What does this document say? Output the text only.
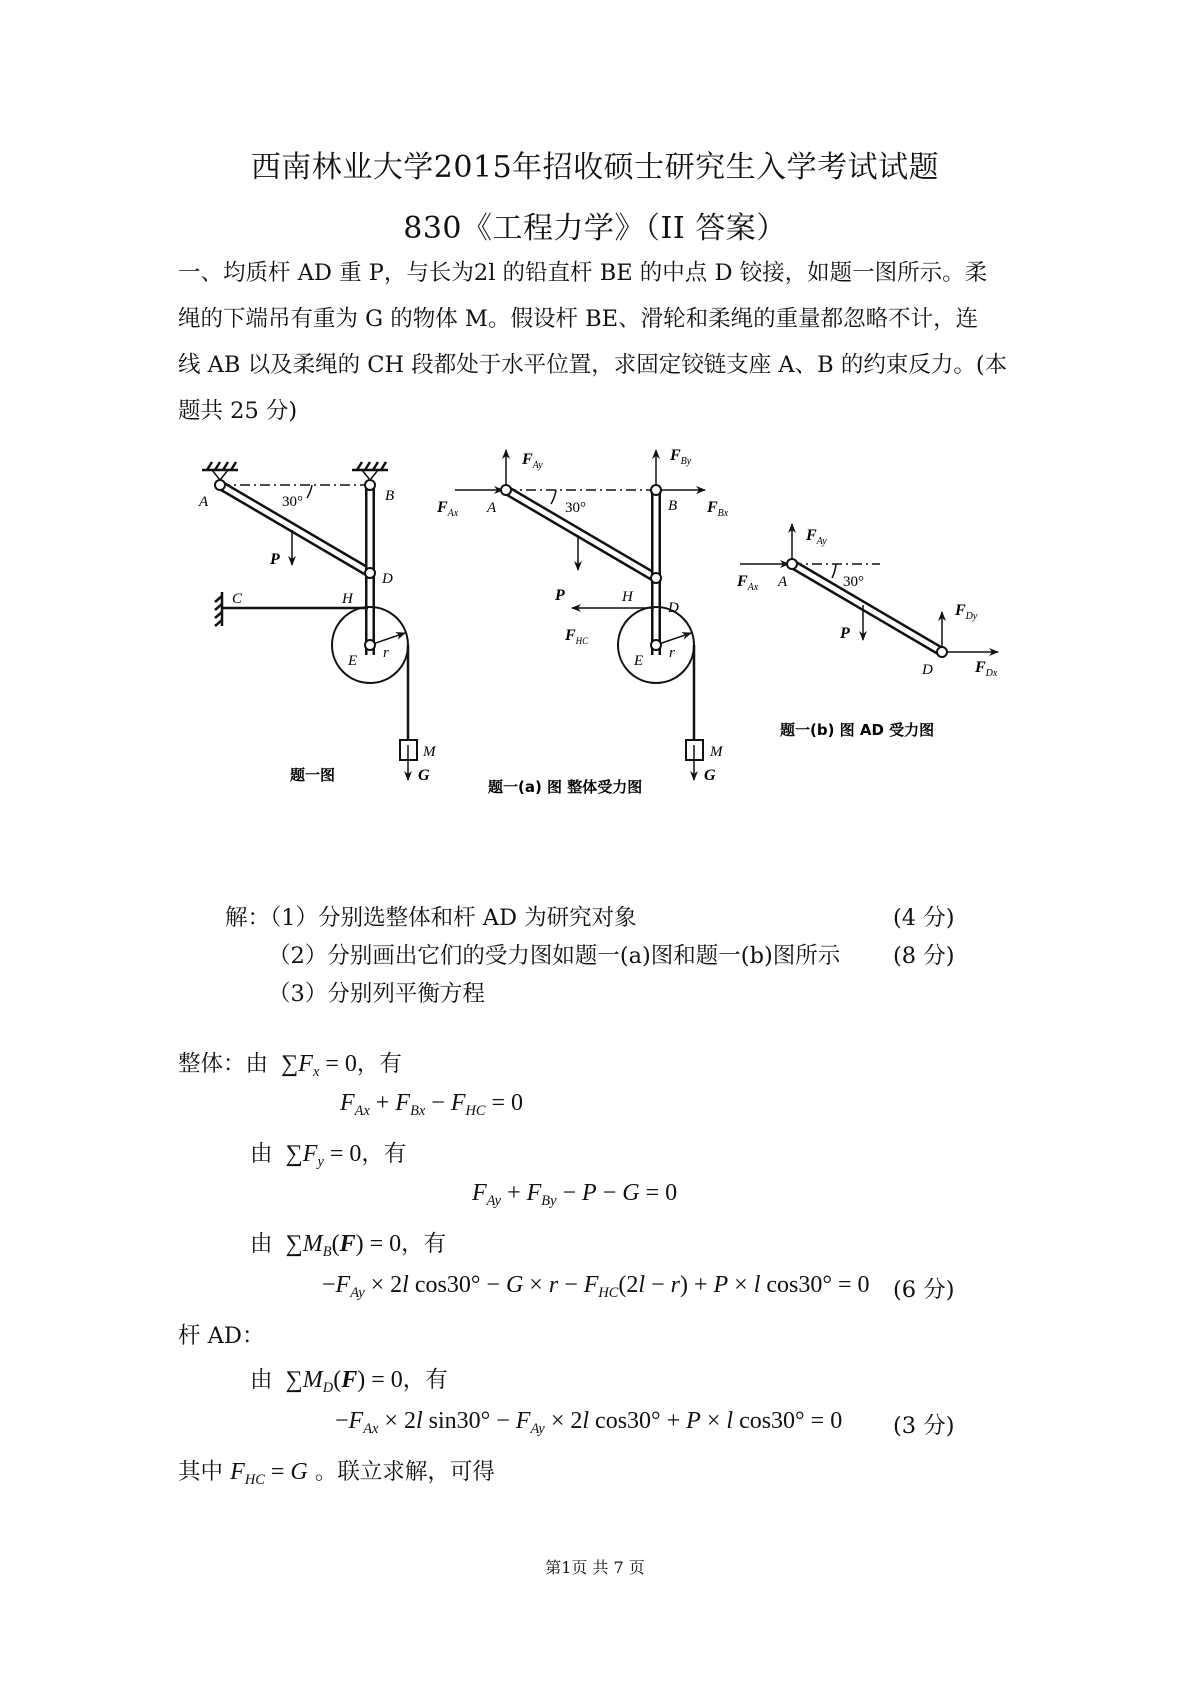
西南林业大学2015年招收硕士研究生入学考试试题
830《工程力学》（II 答案）
一、均质杆 AD 重 P，与长为2l 的铅直杆 BE 的中点 D 铰接，如题一图所示。柔
绳的下端吊有重为 G 的物体 M。假设杆 BE、滑轮和柔绳的重量都忽略不计，连
线 AB 以及柔绳的 CH 段都处于水平位置，求固定铰链支座 A、B 的约束反力。(本
题共 25 分)
A	B
30°
P
D
C	H
E r
M
G
题一图
$F_{Ay}$
$F_{By}$
$F_{Ax}$	$F_{Bx}$
$F_{HC}$
A	B
30°
P
D
H
E r
M
G
题一(a) 图 整体受力图
$F_{Ay}$
$F_{Ax}$
$F_{Dy}$
$F_{Dx}$
A
D
30°
P
题一(b) 图 AD 受力图
解：（1）分别选整体和杆 AD 为研究对象	(4 分)
（2）分别画出它们的受力图如题一(a)图和题一(b)图所示 (8 分)
（3）分别列平衡方程
整体：由  $\sum F_x = 0$，有
$F_{Ax} + F_{Bx} - F_{HC} = 0$
由  $\sum F_y = 0$，有
$F_{Ay} + F_{By} - P - G = 0$
由  $\sum M_B(F) = 0$，有
$-F_{Ay} \times 2l$ $\cos 30^\circ - G \times r - F_{HC}(2l - r) + P \times l$ cos30° = 0 (6 分)
杆 AD：
由  $\sum M_D(F) = 0$，有
$-F_{Ax} \times 2l$ $\sin 30^\circ - F_{Ay} \times 2l$ cos30° + P × l cos30° = 0 (3 分)
其中 $F_{HC} = G$ 。联立求解，可得
第1页 共 7 页
